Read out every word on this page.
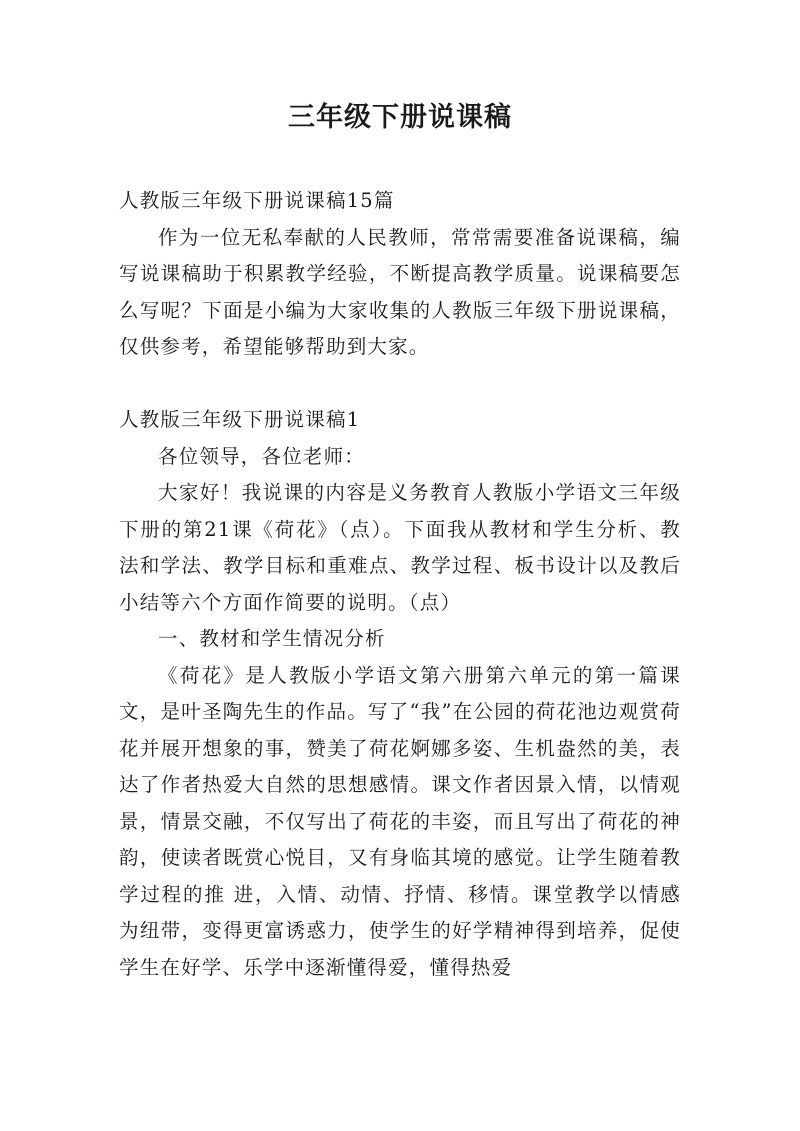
三年级下册说课稿

人教版三年级下册说课稿15篇

作为一位无私奉献的人民教师，常常需要准备说课稿，编写说课稿助于积累教学经验，不断提高教学质量。说课稿要怎么写呢？下面是小编为大家收集的人教版三年级下册说课稿，仅供参考，希望能够帮助到大家。

人教版三年级下册说课稿1

各位领导，各位老师：

大家好！我说课的内容是义务教育人教版小学语文三年级下册的第21课《荷花》（点）。下面我从教材和学生分析、教法和学法、教学目标和重难点、教学过程、板书设计以及教后小结等六个方面作简要的说明。（点）

一、教材和学生情况分析

《荷花》是人教版小学语文第六册第六单元的第一篇课文，是叶圣陶先生的作品。写了“我”在公园的荷花池边观赏荷花并展开想象的事，赞美了荷花婀娜多姿、生机盎然的美，表达了作者热爱大自然的思想感情。课文作者因景入情，以情观景，情景交融，不仅写出了荷花的丰姿，而且写出了荷花的神韵，使读者既赏心悦目，又有身临其境的感觉。让学生随着教学过程的推 进，入情、动情、抒情、移情。课堂教学以情感为纽带，变得更富诱惑力，使学生的好学精神得到培养，促使学生在好学、乐学中逐渐懂得爱，懂得热爱
